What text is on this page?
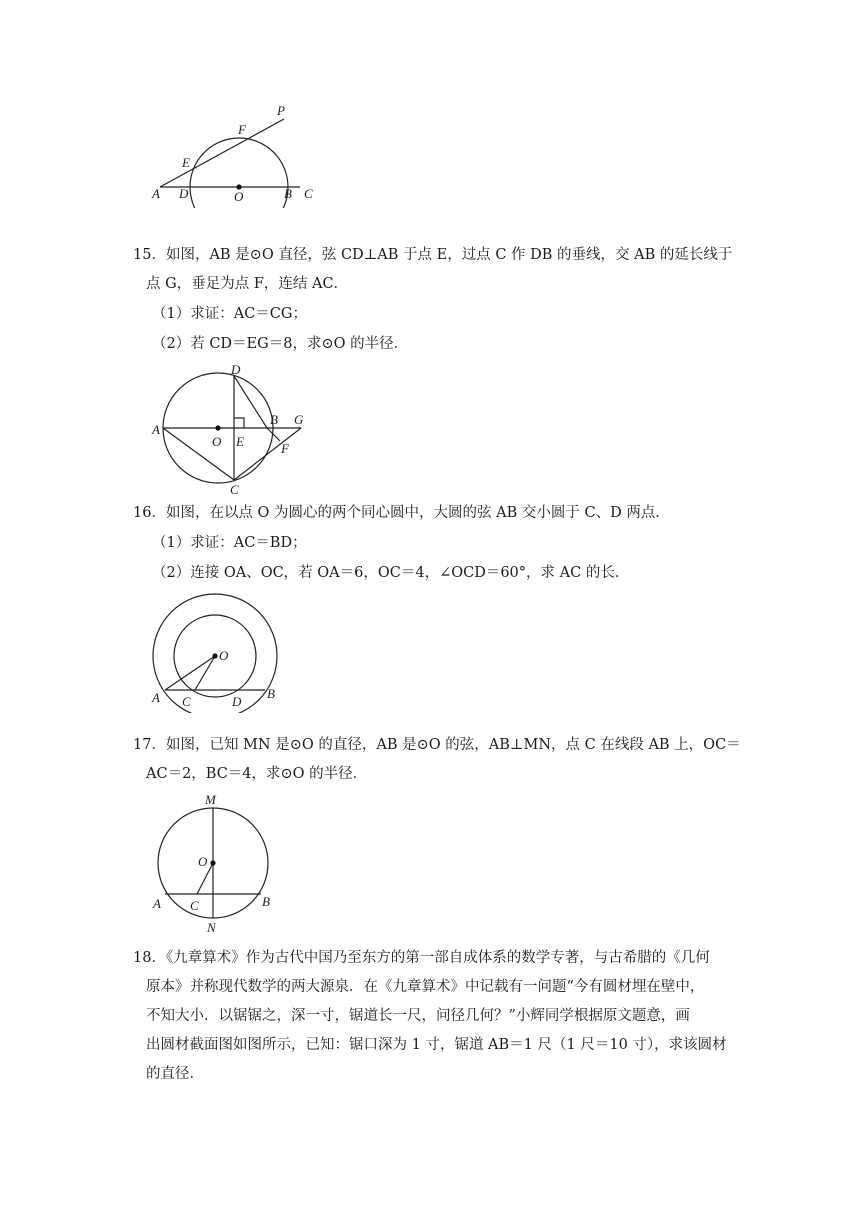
P
F
E
A D	O	B C
15．如图，AB 是⊙O 直径，弦 CD⊥AB 于点 E，过点 C 作 DB 的垂线，交 AB 的延长线于
点 G，垂足为点 F，连结 AC．
（1）求证：AC＝CG；
（2）若 CD＝EG＝8，求⊙O 的半径．
D
A
O E
B G
F
C
16．如图，在以点 O 为圆心的两个同心圆中，大圆的弦 AB 交小圆于 C、D 两点．
（1）求证：AC＝BD；
（2）连接 OA、OC，若 OA＝6，OC＝4，∠OCD＝60°，求 AC 的长．
O
A C	D
B
17．如图，已知 MN 是⊙O 的直径，AB 是⊙O 的弦，AB⊥MN，点 C 在线段 AB 上，OC＝
AC＝2，BC＝4，求⊙O 的半径．
M
O
A C	B
N
18．《九章算术》作为古代中国乃至东方的第一部自成体系的数学专著，与古希腊的《几何
原本》并称现代数学的两大源泉．在《九章算术》中记载有一问题“今有圆材埋在壁中，
不知大小．以锯锯之，深一寸，锯道长一尺，问径几何？”小辉同学根据原文题意，画
出圆材截面图如图所示，已知：锯口深为 1 寸，锯道 AB＝1 尺（1 尺＝10 寸），求该圆材
的直径．
